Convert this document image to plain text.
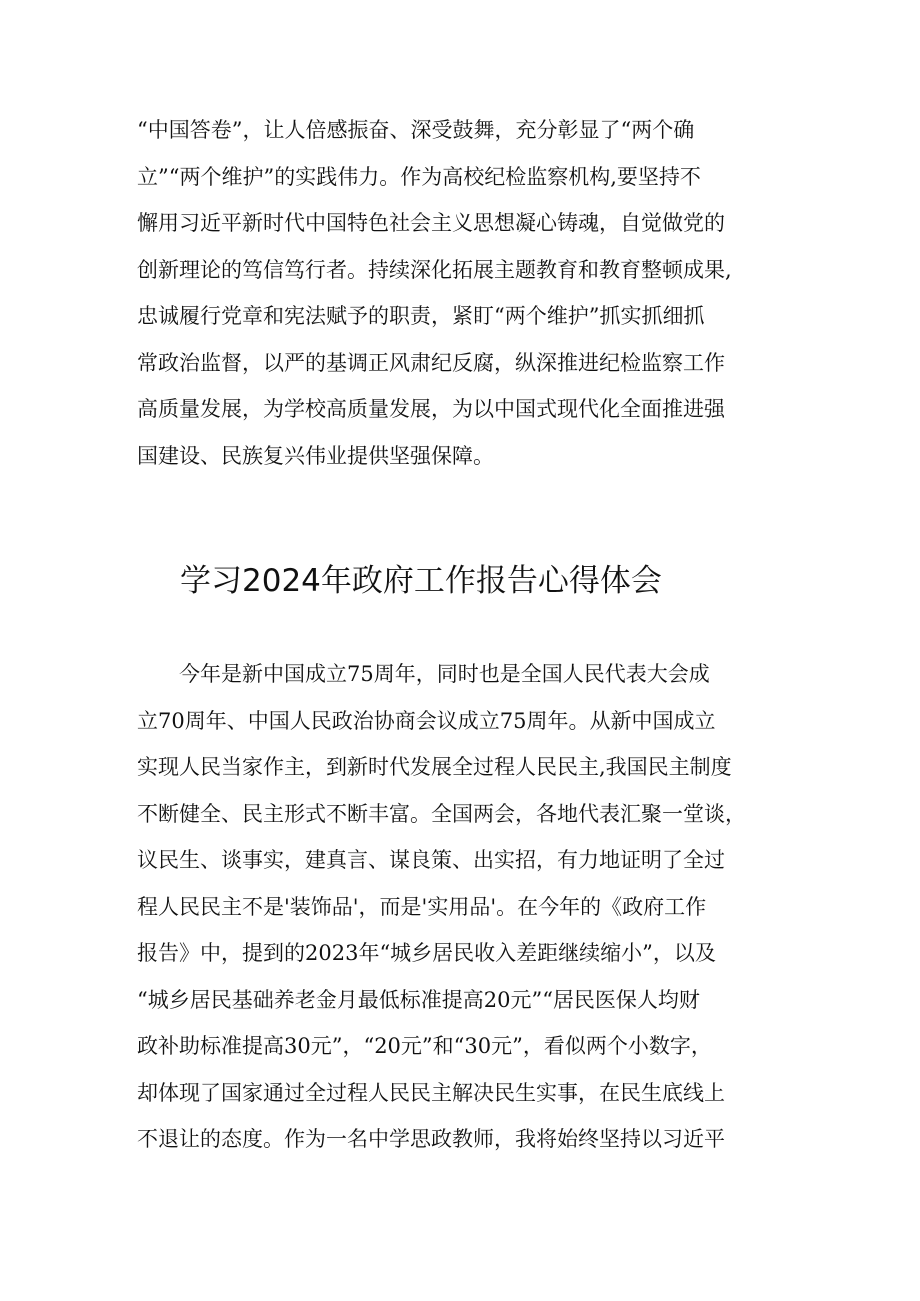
“中国答卷”，让人倍感振奋、深受鼓舞，充分彰显了“两个确
立”“两个维护”的实践伟力。作为高校纪检监察机构,要坚持不
懈用习近平新时代中国特色社会主义思想凝心铸魂，自觉做党的
创新理论的笃信笃行者。持续深化拓展主题教育和教育整顿成果,
忠诚履行党章和宪法赋予的职责，紧盯“两个维护”抓实抓细抓
常政治监督，以严的基调正风肃纪反腐，纵深推进纪检监察工作
高质量发展，为学校高质量发展，为以中国式现代化全面推进强
国建设、民族复兴伟业提供坚强保障。
学习2024年政府工作报告心得体会
今年是新中国成立75周年，同时也是全国人民代表大会成
立70周年、中国人民政治协商会议成立75周年。从新中国成立
实现人民当家作主，到新时代发展全过程人民民主,我国民主制度
不断健全、民主形式不断丰富。全国两会，各地代表汇聚一堂谈，
议民生、谈事实，建真言、谋良策、出实招，有力地证明了全过
程人民民主不是'装饰品'，而是'实用品'。在今年的《政府工作
报告》中，提到的2023年“城乡居民收入差距继续缩小”，以及
“城乡居民基础养老金月最低标准提高20元”“居民医保人均财
政补助标准提高30元”，“20元”和“30元”，看似两个小数字，
却体现了国家通过全过程人民民主解决民生实事，在民生底线上
不退让的态度。作为一名中学思政教师，我将始终坚持以习近平
